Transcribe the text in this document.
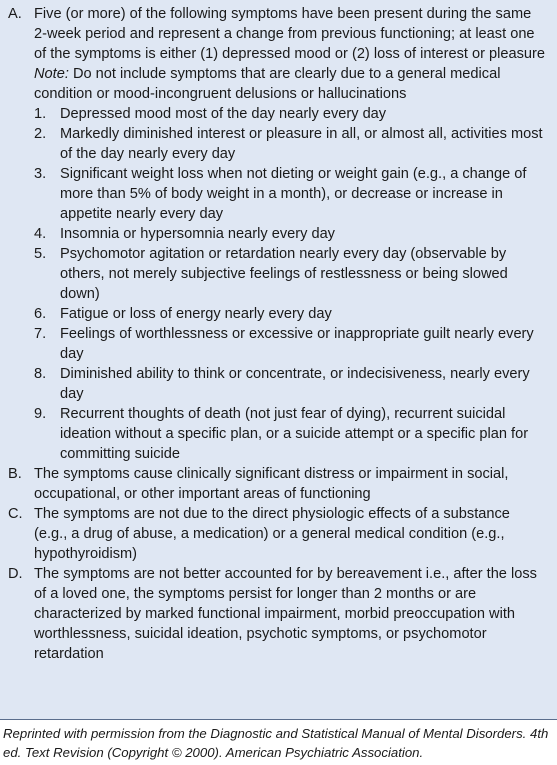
A. Five (or more) of the following symptoms have been present during the same 2-week period and represent a change from previous functioning; at least one of the symptoms is either (1) depressed mood or (2) loss of interest or pleasure
Note: Do not include symptoms that are clearly due to a general medical condition or mood-incongruent delusions or hallucinations
1. Depressed mood most of the day nearly every day
2. Markedly diminished interest or pleasure in all, or almost all, activities most of the day nearly every day
3. Significant weight loss when not dieting or weight gain (e.g., a change of more than 5% of body weight in a month), or decrease or increase in appetite nearly every day
4. Insomnia or hypersomnia nearly every day
5. Psychomotor agitation or retardation nearly every day (observable by others, not merely subjective feelings of restlessness or being slowed down)
6. Fatigue or loss of energy nearly every day
7. Feelings of worthlessness or excessive or inappropriate guilt nearly every day
8. Diminished ability to think or concentrate, or indecisiveness, nearly every day
9. Recurrent thoughts of death (not just fear of dying), recurrent suicidal ideation without a specific plan, or a suicide attempt or a specific plan for committing suicide
B. The symptoms cause clinically significant distress or impairment in social, occupational, or other important areas of functioning
C. The symptoms are not due to the direct physiologic effects of a substance (e.g., a drug of abuse, a medication) or a general medical condition (e.g., hypothyroidism)
D. The symptoms are not better accounted for by bereavement i.e., after the loss of a loved one, the symptoms persist for longer than 2 months or are characterized by marked functional impairment, morbid preoccupation with worthlessness, suicidal ideation, psychotic symptoms, or psychomotor retardation
Reprinted with permission from the Diagnostic and Statistical Manual of Mental Disorders. 4th ed. Text Revision (Copyright © 2000). American Psychiatric Association.
